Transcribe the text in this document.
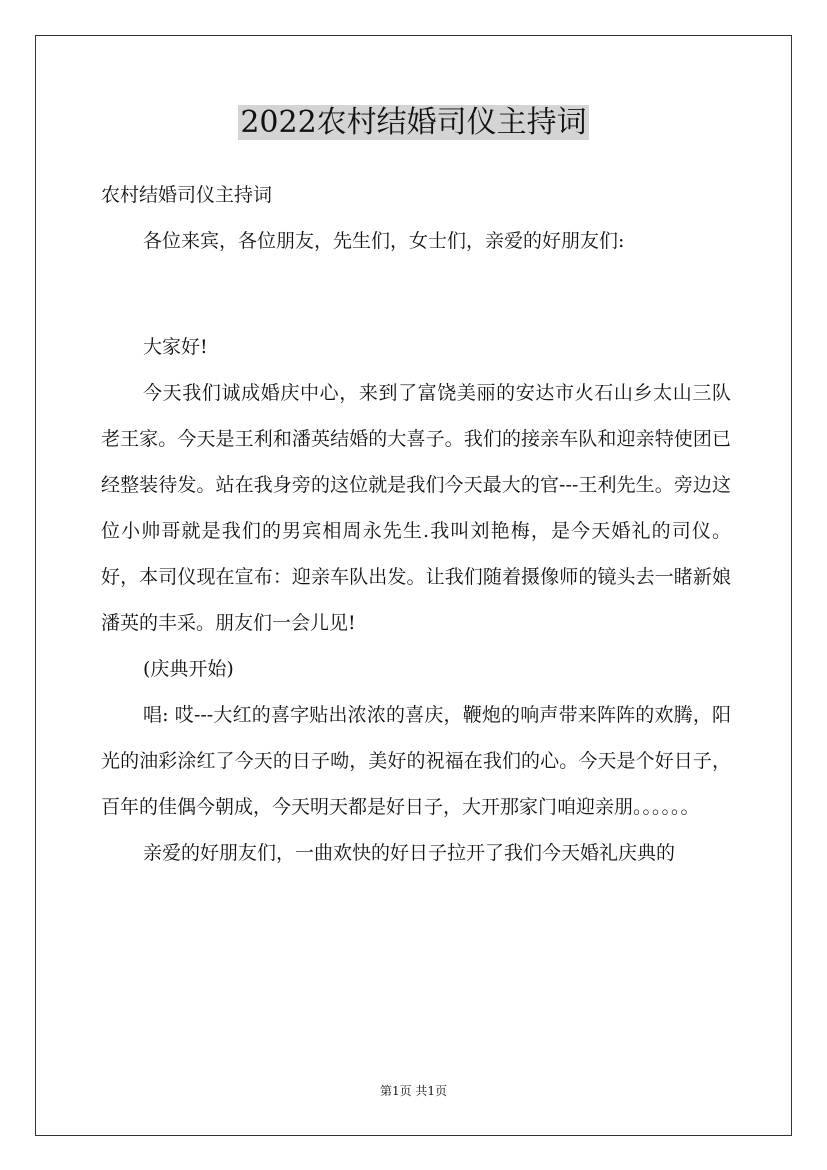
2022农村结婚司仪主持词

农村结婚司仪主持词

各位来宾，各位朋友，先生们，女士们，亲爱的好朋友们:

大家好!

今天我们诚成婚庆中心，来到了富饶美丽的安达市火石山乡太山三队老王家。今天是王利和潘英结婚的大喜子。我们的接亲车队和迎亲特使团已经整装待发。站在我身旁的这位就是我们今天最大的官---王利先生。旁边这位小帅哥就是我们的男宾相周永先生.我叫刘艳梅，是今天婚礼的司仪。好，本司仪现在宣布：迎亲车队出发。让我们随着摄像师的镜头去一睹新娘潘英的丰采。朋友们一会儿见!

(庆典开始)

唱: 哎---大红的喜字贴出浓浓的喜庆，鞭炮的响声带来阵阵的欢腾，阳光的油彩涂红了今天的日子呦，美好的祝福在我们的心。今天是个好日子，百年的佳偶今朝成，今天明天都是好日子，大开那家门咱迎亲朋。。。。。。

亲爱的好朋友们，一曲欢快的好日子拉开了我们今天婚礼庆典的

第1页 共1页
